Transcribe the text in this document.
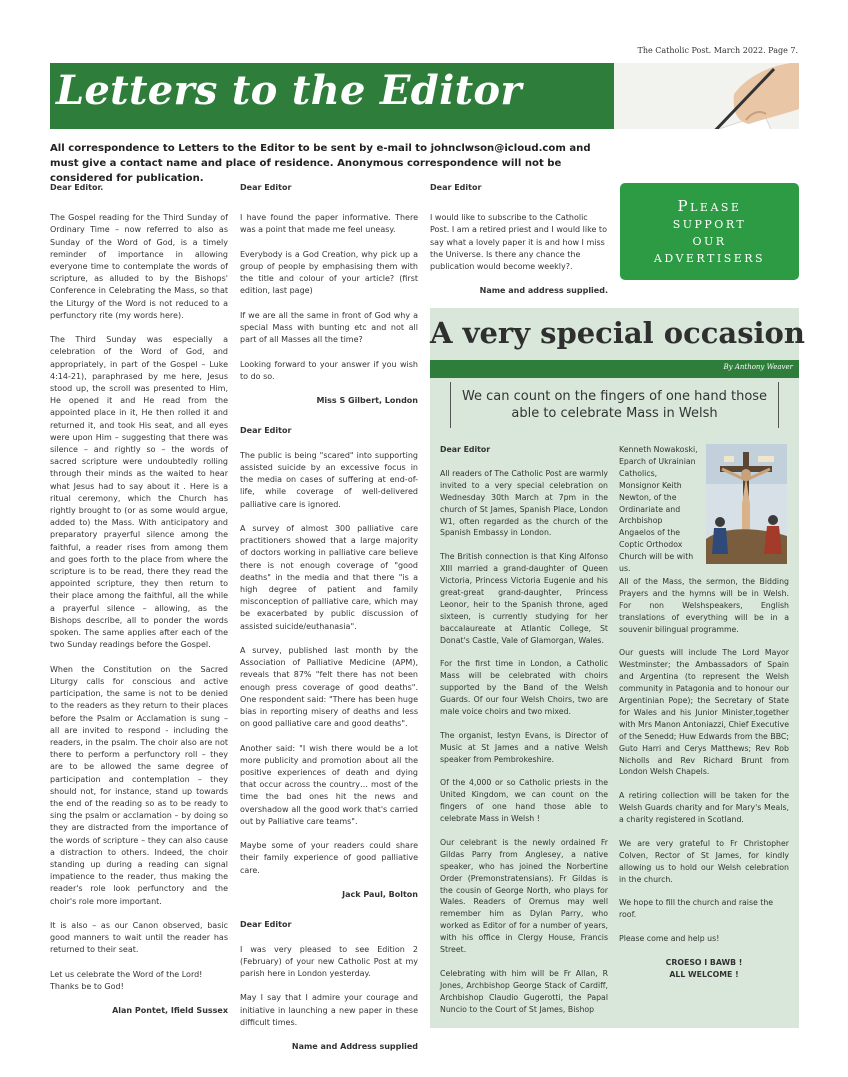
The Catholic Post. March 2022. Page 7.
Letters to the Editor
All correspondence to Letters to the Editor to be sent by e-mail to johnclwson@icloud.com and must give a contact name and place of residence. Anonymous correspondence will not be considered for publication.
Dear Editor.

The Gospel reading for the Third Sunday of Ordinary Time – now referred to also as Sunday of the Word of God, is a timely reminder of importance in allowing everyone time to contemplate the words of scripture, as alluded to by the Bishops' Conference in Celebrating the Mass, so that the Liturgy of the Word is not reduced to a perfunctory rite (my words here).

The Third Sunday was especially a celebration of the Word of God, and appropriately, in part of the Gospel – Luke 4:14-21), paraphrased by me here, Jesus stood up, the scroll was presented to Him, He opened it and He read from the appointed place in it, He then rolled it and returned it, and took His seat, and all eyes were upon Him – suggesting that there was silence – and rightly so – the words of sacred scripture were undoubtedly rolling through their minds as the waited to hear what Jesus had to say about it . Here is a ritual ceremony, which the Church has rightly brought to (or as some would argue, added to) the Mass. With anticipatory and preparatory prayerful silence among the faithful, a reader rises from among them and goes forth to the place from where the scripture is to be read, there they read the appointed scripture, they then return to their place among the faithful, all the while a prayerful silence – allowing, as the Bishops describe, all to ponder the words spoken. The same applies after each of the two Sunday readings before the Gospel.

When the Constitution on the Sacred Liturgy calls for conscious and active participation, the same is not to be denied to the readers as they return to their places before the Psalm or Acclamation is sung – all are invited to respond - including the readers, in the psalm. The choir also are not there to perform a perfunctory roll – they are to be allowed the same degree of participation and contemplation – they should not, for instance, stand up towards the end of the reading so as to be ready to sing the psalm or acclamation – by doing so they are distracted from the importance of the words of scripture – they can also cause a distraction to others. Indeed, the choir standing up during a reading can signal impatience to the reader, thus making the reader's role look perfunctory and the choir's role more important.

It is also – as our Canon observed, basic good manners to wait until the reader has returned to their seat.

Let us celebrate the Word of the Lord! Thanks be to God!

Alan Pontet, Ifield Sussex
Dear Editor

I have found the paper informative. There was a point that made me feel uneasy.

Everybody is a God Creation, why pick up a group of people by emphasising them with the title and colour of your article? (first edition, last page)

If we are all the same in front of God why a special Mass with bunting etc and not all part of all Masses all the time?

Looking forward to your answer if you wish to do so.

Miss S Gilbert, London
Dear Editor

The public is being "scared" into supporting assisted suicide by an excessive focus in the media on cases of suffering at end-of-life, while coverage of well-delivered palliative care is ignored.

A survey of almost 300 palliative care practitioners showed that a large majority of doctors working in palliative care believe there is not enough coverage of "good deaths" in the media and that there "is a high degree of patient and family misconception of palliative care, which may be exacerbated by public discussion of assisted suicide/euthanasia".

A survey, published last month by the Association of Palliative Medicine (APM), reveals that 87% "felt there has not been enough press coverage of good deaths". One respondent said: "There has been huge bias in reporting misery of deaths and less on good palliative care and good deaths".

Another said: "I wish there would be a lot more publicity and promotion about all the positive experiences of death and dying that occur across the country… most of the time the bad ones hit the news and overshadow all the good work that's carried out by Palliative care teams".

Maybe some of your readers could share their family experience of good palliative care.

Jack Paul, Bolton
Dear Editor

I was very pleased to see Edition 2 (February) of your new Catholic Post at my parish here in London yesterday.

May I say that I admire your courage and initiative in launching a new paper in these difficult times.

Name and Address supplied
Dear Editor

I would like to subscribe to the Catholic Post. I am a retired priest and I would like to say what a lovely paper it is and how I miss the Universe. Is there any chance the publication would become weekly?.

Name and address supplied.
Please
support
our
advertisers
A very special occasion
By Anthony Weaver
We can count on the fingers of one hand those able to celebrate Mass in Welsh
Dear Editor

All readers of The Catholic Post are warmly invited to a very special celebration on Wednesday 30th March at 7pm in the church of St James, Spanish Place, London W1, often regarded as the church of the Spanish Embassy in London.

The British connection is that King Alfonso XIII married a grand-daughter of Queen Victoria, Princess Victoria Eugenie and his great-great grand-daughter, Princess Leonor, heir to the Spanish throne, aged sixteen, is currently studying for her baccalaureate at Atlantic College, St Donat's Castle, Vale of Glamorgan, Wales.

For the first time in London, a Catholic Mass will be celebrated with choirs supported by the Band of the Welsh Guards. Of our four Welsh Choirs, two are male voice choirs and two mixed.

The organist, Iestyn Evans, is Director of Music at St James and a native Welsh speaker from Pembrokeshire.

Of the 4,000 or so Catholic priests in the United Kingdom, we can count on the fingers of one hand those able to celebrate Mass in Welsh !

Our celebrant is the newly ordained Fr Gildas Parry from Anglesey, a native speaker, who has joined the Norbertine Order (Premonstratensians). Fr Gildas is the cousin of George North, who plays for Wales. Readers of Oremus may well remember him as Dylan Parry, who worked as Editor of for a number of years, with his office in Clergy House, Francis Street.

Celebrating with him will be Fr Allan, R Jones, Archbishop George Stack of Cardiff, Archbishop Claudio Gugerotti, the Papal Nuncio to the Court of St James, Bishop

Kenneth Nowakoski, Eparch of Ukrainian Catholics, Monsignor Keith Newton, of the Ordinariate and Archbishop Angaelos of the Coptic Orthodox Church will be with us.

All of the Mass, the sermon, the Bidding Prayers and the hymns will be in Welsh. For non Welshspeakers, English translations of everything will be in a souvenir bilingual programme.

Our guests will include The Lord Mayor Westminster; the Ambassadors of Spain and Argentina (to represent the Welsh community in Patagonia and to honour our Argentinian Pope); the Secretary of State for Wales and his Junior Minister,together with Mrs Manon Antoniazzi, Chief Executive of the Senedd; Huw Edwards from the BBC; Guto Harri and Cerys Matthews; Rev Rob Nicholls and Rev Richard Brunt from London Welsh Chapels.

A retiring collection will be taken for the Welsh Guards charity and for Mary's Meals, a charity registered in Scotland.

We are very grateful to Fr Christopher Colven, Rector of St James, for kindly allowing us to hold our Welsh celebration in the church.

We hope to fill the church and raise the roof.

Please come and help us!

CROESO I BAWB !
ALL WELCOME !
